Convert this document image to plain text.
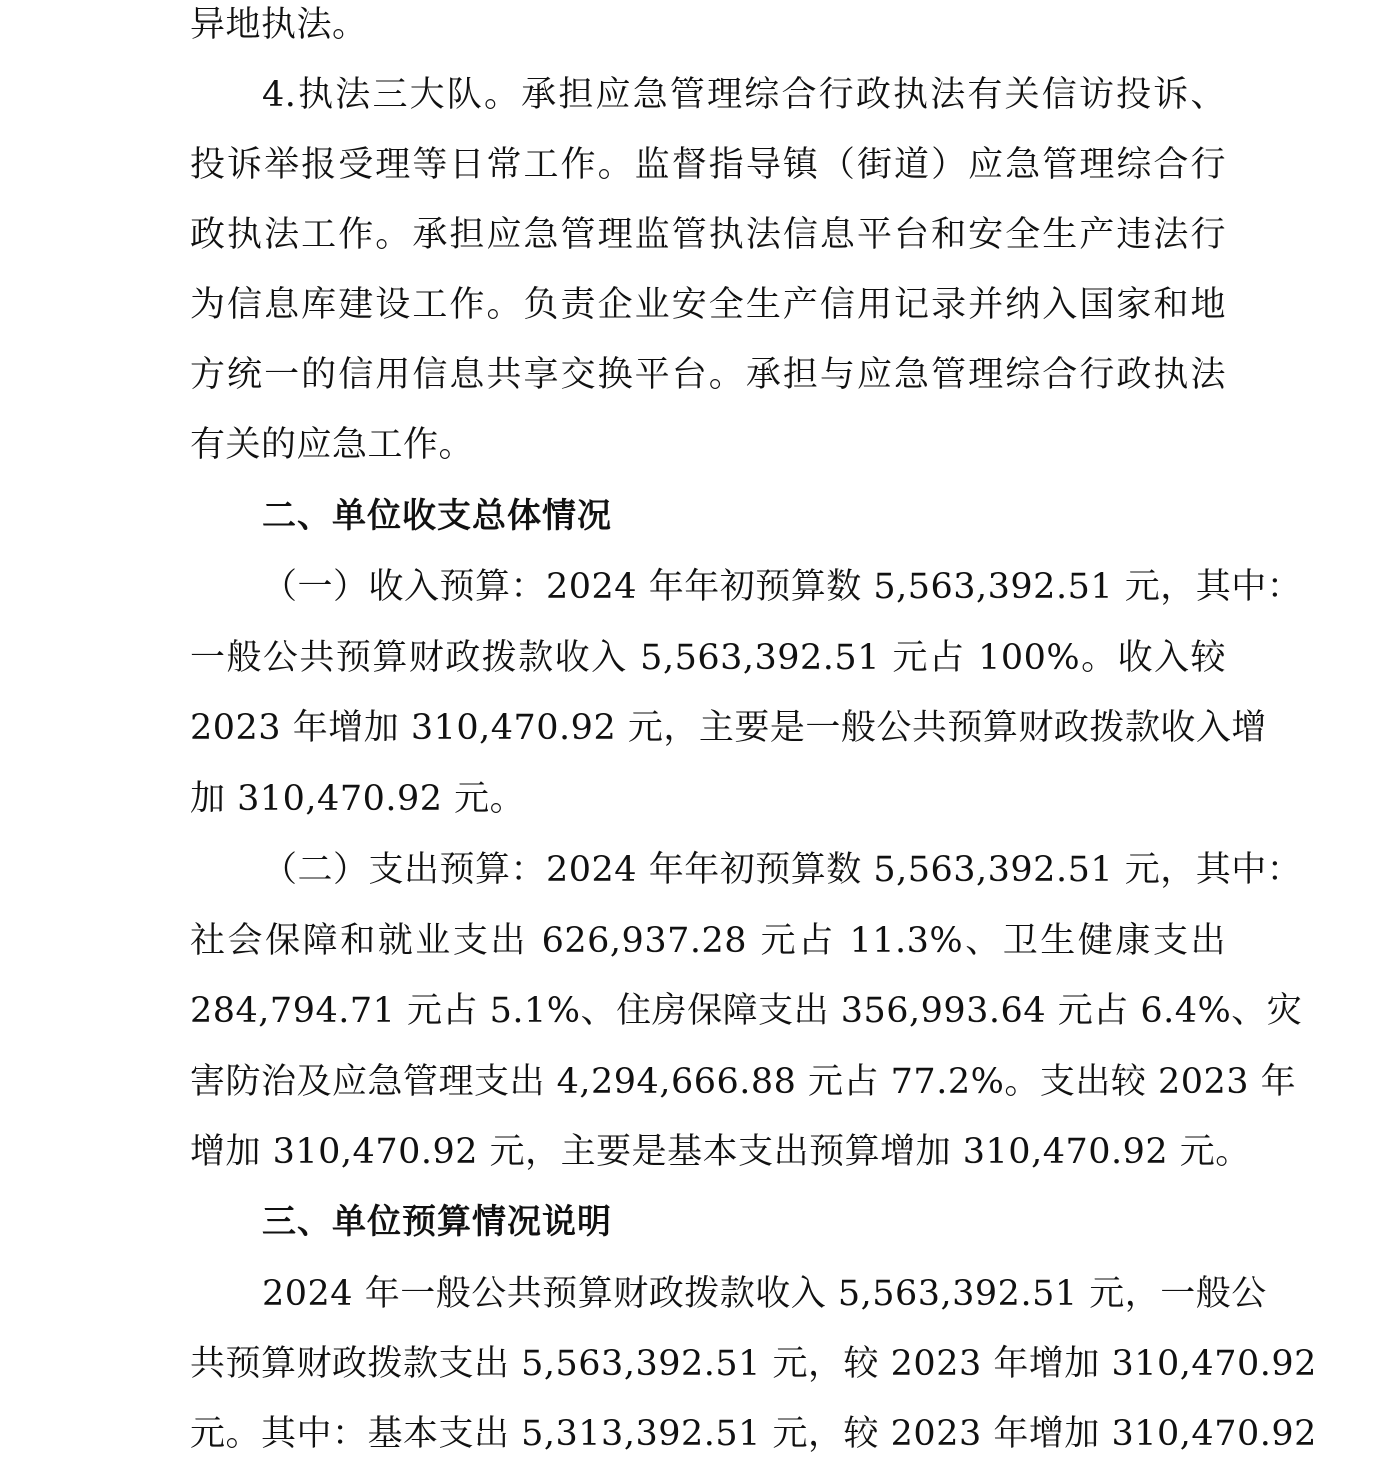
异地执法。
4.执法三大队。承担应急管理综合行政执法有关信访投诉、
投诉举报受理等日常工作。监督指导镇（街道）应急管理综合行
政执法工作。承担应急管理监管执法信息平台和安全生产违法行
为信息库建设工作。负责企业安全生产信用记录并纳入国家和地
方统一的信用信息共享交换平台。承担与应急管理综合行政执法
有关的应急工作。
二、单位收支总体情况
（一）收入预算：2024 年年初预算数 5,563,392.51 元，其中：
一般公共预算财政拨款收入 5,563,392.51 元占 100%。收入较
2023 年增加 310,470.92 元，主要是一般公共预算财政拨款收入增
加 310,470.92 元。
（二）支出预算：2024 年年初预算数 5,563,392.51 元，其中：
社会保障和就业支出 626,937.28 元占 11.3%、卫生健康支出
284,794.71 元占 5.1%、住房保障支出 356,993.64 元占 6.4%、灾
害防治及应急管理支出 4,294,666.88 元占 77.2%。支出较 2023 年
增加 310,470.92 元，主要是基本支出预算增加 310,470.92 元。
三、单位预算情况说明
2024 年一般公共预算财政拨款收入 5,563,392.51 元，一般公
共预算财政拨款支出 5,563,392.51 元，较 2023 年增加 310,470.92
元。其中：基本支出 5,313,392.51 元，较 2023 年增加 310,470.92
